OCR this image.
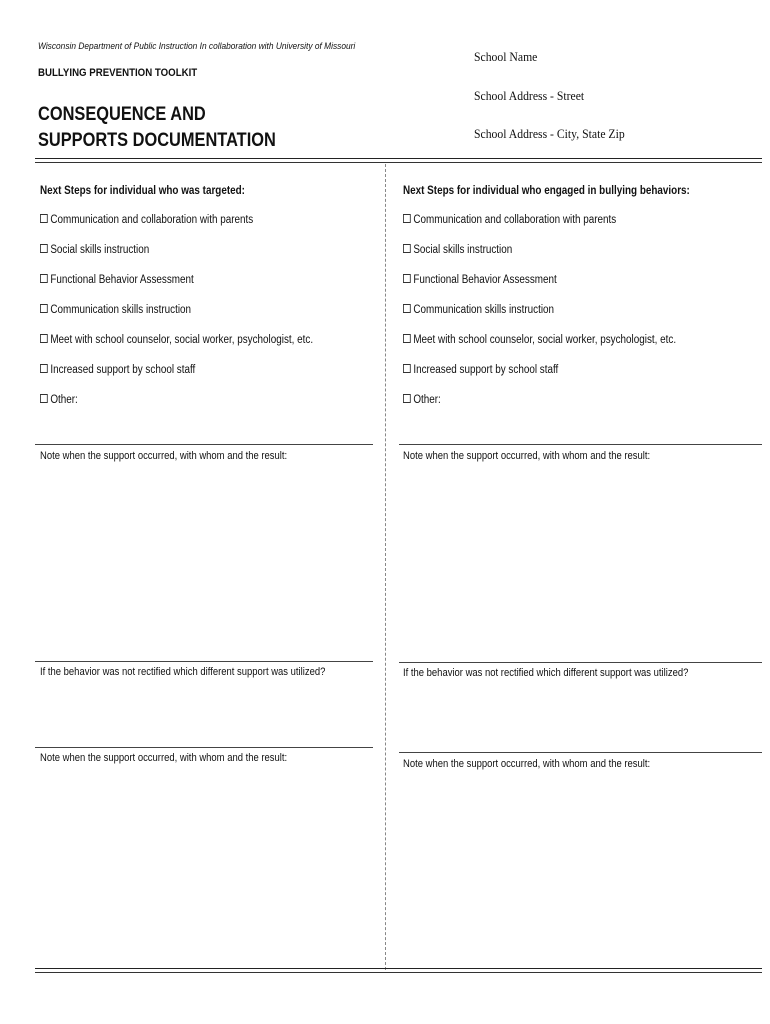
Wisconsin Department of Public Instruction In collaboration with University of Missouri
BULLYING PREVENTION TOOLKIT
CONSEQUENCE AND
SUPPORTS DOCUMENTATION
School Name
School Address - Street
School Address - City, State Zip
Next Steps for individual who was targeted:
Communication and collaboration with parents
Social skills instruction
Functional Behavior Assessment
Communication skills instruction
Meet with school counselor, social worker, psychologist, etc.
Increased support by school staff
Other:
Note when the support occurred, with whom and the result:
If the behavior was not rectified which different support was utilized?
Note when the support occurred, with whom and the result:
Next Steps for individual who engaged in bullying behaviors:
Communication and collaboration with parents
Social skills instruction
Functional Behavior Assessment
Communication skills instruction
Meet with school counselor, social worker, psychologist, etc.
Increased support by school staff
Other:
Note when the support occurred, with whom and the result:
If the behavior was not rectified which different support was utilized?
Note when the support occurred, with whom and the result:
